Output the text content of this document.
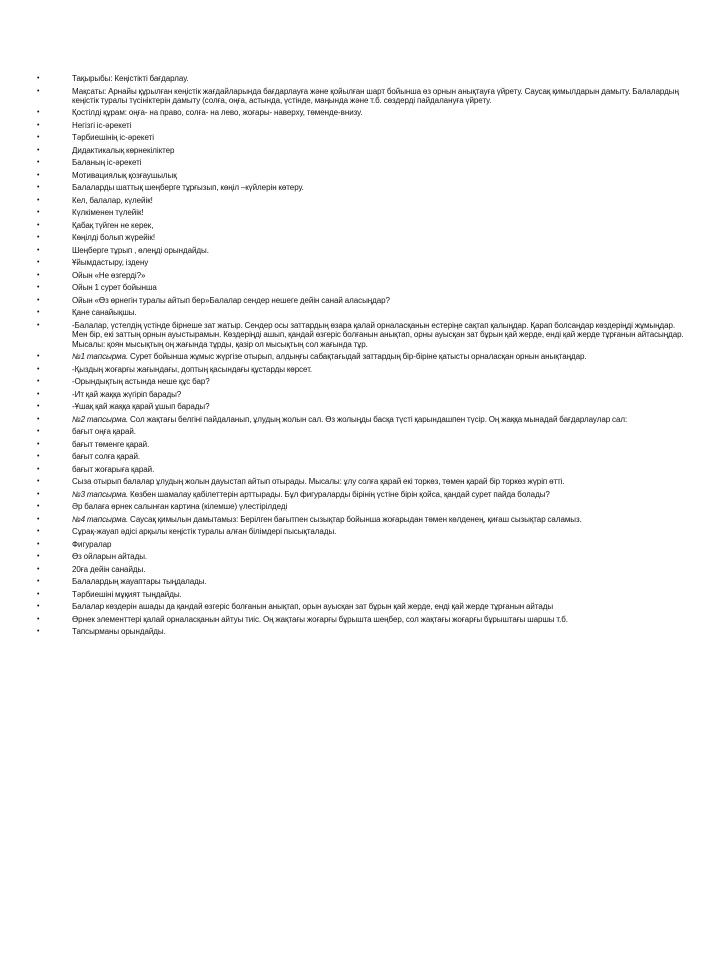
•	Тақырыбы: Кеңістікті бағдарлау.
•	Мақсаты: Арнайы құрылған кеңістік жағдайларында бағдарлауға және қойылған шарт бойынша өз орнын анықтауға үйрету. Саусақ қимылдарын дамыту. Балалардың кеңістік туралы түсініктерін дамыту (солға, оңға, астында, үстінде, маңында және т.б. сөздерді пайдалануға үйрету.
•	Қостілді құрам: оңға- на право, солға- на лево, жоғары- наверху, төменде-внизу.
•	Негізгі іс-әрекеті
•	Тәрбиешінің іс-әрекеті
•	Дидактикалық көрнекіліктер
•	Баланың іс-әрекеті
•	Мотивациялық қозғаушылық
•	Балаларды шаттық шеңберге тұрғызып, көңіл –күйлерін көтеру.
•	Кел, балалар, күлейік!
•	Күлкіменен түлейік!
•	Қабақ түйген не керек,
•	Көңілді болып жүрейік!
•	Шеңберге тұрып , өлеңді орындайды.
•	Ұйымдастыру, іздену
•	Ойын «Не өзгерді?»
•	Ойын 1 сурет бойынша
•	Ойын «Өз өрнегін туралы айтып бер»Балалар сендер нешеге дейін санай аласыңдар?
•	Қане санайықшы.
•	-Балалар, үстелдің үстінде бірнеше зат жатыр. Сендер осы заттардың өзара қалай орналасқанын естеріңе сақтап қалыңдар. Қарап болсаңдар көздеріңді жұмыңдар. Мен бір, екі заттың орнын ауыстырамын. Көздеріңді ашып, қандай өзгеріс болғанын анықтап, орны ауысқан зат бұрын қай жерде, енді қай жерде тұрғанын айтасыңдар. Мысалы: қоян мысықтың оң жағында тұрды, қазір ол мысықтың сол жағында тұр.
•	№1 тапсырма. Сурет бойынша жұмыс жүргізе отырып, алдыңғы сабақтағыдай заттардың бір-біріне қатысты орналасқан орнын анықтаңдар.
•	-Қыздың жоғарғы жағындағы, доптың қасындағы құстарды көрсет.
•	-Орындықтың астында неше құс бар?
•	-Ит қай жаққа жүгіріп барады?
•	-Ұшақ қай жаққа қарай ұшып барады?
•	№2 тапсырма. Сол жақтағы белгіні пайдаланып, ұлудың жолын сал. Өз жолыңды басқа түсті қарындашпен түсір. Оң жаққа мынадай бағдарлаулар сал:
•	бағыт оңға қарай.
•	бағыт төменге қарай.
•	бағыт солға қарай.
•	бағыт жоғарыға қарай.
•	Сыза отырып балалар ұлудың жолын дауыстап айтып отырады. Мысалы: ұлу солға қарай екі торкөз, төмен қарай бір торкөз жүріп өтті.
•	№3 тапсырма. Көзбен шамалау қабілеттерін арттырады. Бұл фигураларды бірінің үстіне бірін қойса, қандай сурет пайда болады?
•	Әр балаға өрнек салынған картина (кілемше) үлестірілдеді
•	№4 тапсырма. Саусақ қимылын дамытамыз: Берілген бағытпен сызықтар бойынша жоғарыдан төмен көлденең, қиғаш сызықтар саламыз.
•	Сұрақ-жауап әдісі арқылы кеңістік туралы алған білімдері пысықталады.
•	Фигуралар
•	Өз ойларын айтады.
•	20ға дейін санайды.
•	Балалардың жауаптары тыңдалады.
•	Тәрбиешіні мұқият тыңдайды.
•	Балалар көздерін ашады да қандай өзгеріс болғанын анықтап, орын ауысқан зат бұрын қай жерде, енді қай жерде тұрғанын айтады
•	Өрнек элементтері қалай орналасқанын айтуы тиіс. Оң жақтағы жоғарғы бұрышта шеңбер, сол жақтағы жоғарғы бұрыштағы шаршы т.б.
•	Тапсырманы орындайды.
